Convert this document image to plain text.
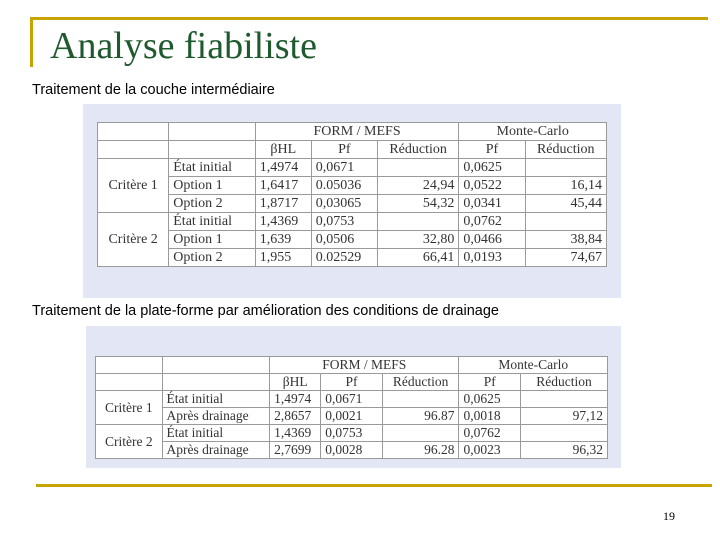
Analyse fiabiliste
Traitement de la couche intermédiaire
		FORM / MEFS			Monte-Carlo	
		βHL	Pf	Réduction	Pf	Réduction
Critère 1	État initial	1,4974	0,0671		0,0625	
	Option 1	1,6417	0.05036	24,94	0,0522	16,14
	Option 2	1,8717	0,03065	54,32	0,0341	45,44
Critère 2	État initial	1,4369	0,0753		0,0762	
	Option 1	1,639	0,0506	32,80	0,0466	38,84
	Option 2	1,955	0.02529	66,41	0,0193	74,67
Traitement de la plate-forme par amélioration des conditions de drainage
		FORM / MEFS			Monte-Carlo	
		βHL	Pf	Réduction	Pf	Réduction
Critère 1	État initial	1,4974	0,0671		0,0625	
	Après drainage	2,8657	0,0021	96.87	0,0018	97,12
Critère 2	État initial	1,4369	0,0753		0,0762	
	Après drainage	2,7699	0,0028	96.28	0,0023	96,32
19
